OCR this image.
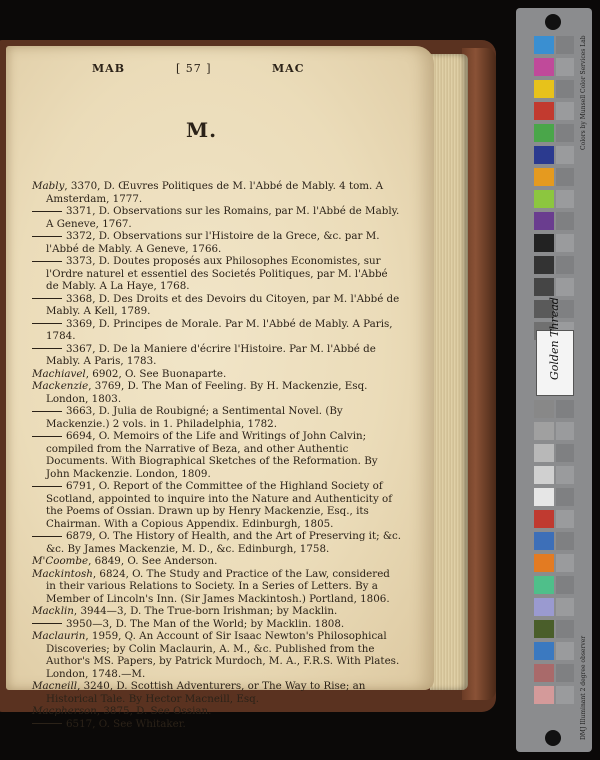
MAB	[ 57 ]	MAC
M.

Mably, 3370, D. Œuvres Politiques de M. l'Abbé de Mably. 4 tom. A Amsterdam, 1777.

3371, D. Observations sur les Romains, par M. l'Abbé de Mably. A Geneve, 1767.

3372, D. Observations sur l'Histoire de la Grece, &c. par M. l'Abbé de Mably. A Geneve, 1766.

3373, D. Doutes proposés aux Philosophes Economistes, sur l'Ordre naturel et essentiel des Societés Politiques, par M. l'Abbé de Mably. A La Haye, 1768.

3368, D. Des Droits et des Devoirs du Citoyen, par M. l'Abbé de Mably. A Kell, 1789.

3369, D. Principes de Morale. Par M. l'Abbé de Mably. A Paris, 1784.

3367, D. De la Maniere d'écrire l'Histoire. Par M. l'Abbé de Mably. A Paris, 1783.

Machiavel, 6902, O. See Buonaparte.

Mackenzie, 3769, D. The Man of Feeling. By H. Mackenzie, Esq. London, 1803.

3663, D. Julia de Roubigné; a Sentimental Novel. (By Mackenzie.) 2 vols. in 1. Philadelphia, 1782.

6694, O. Memoirs of the Life and Writings of John Calvin; compiled from the Narrative of Beza, and other Authentic Documents. With Biographical Sketches of the Reformation. By John Mackenzie. London, 1809.

6791, O. Report of the Committee of the Highland Society of Scotland, appointed to inquire into the Nature and Authenticity of the Poems of Ossian. Drawn up by Henry Mackenzie, Esq., its Chairman. With a Copious Appendix. Edinburgh, 1805.

6879, O. The History of Health, and the Art of Preserving it; &c. &c. By James Mackenzie, M. D., &c. Edinburgh, 1758.

M'Coombe, 6849, O. See Anderson.

Mackintosh, 6824, O. The Study and Practice of the Law, considered in their various Relations to Society. In a Series of Letters. By a Member of Lincoln's Inn. (Sir James Mackintosh.) Portland, 1806.

Macklin, 3944—3, D. The True-born Irishman; by Macklin.

3950—3, D. The Man of the World; by Macklin. 1808.

Maclaurin, 1959, Q. An Account of Sir Isaac Newton's Philosophical Discoveries; by Colin Maclaurin, A. M., &c. Published from the Author's MS. Papers, by Patrick Murdoch, M. A., F.R.S. With Plates. London, 1748.—M.

Macneill, 3240, D. Scottish Adventurers, or The Way to Rise; an Historical Tale. By Hector Macneill, Esq.

Macpherson, 3875, D. See Ossian.

6517, O. See Whitaker.

Colors by Munsell Color Services Lab
DMJ Illuminant 2 degree observer
Golden Thread
